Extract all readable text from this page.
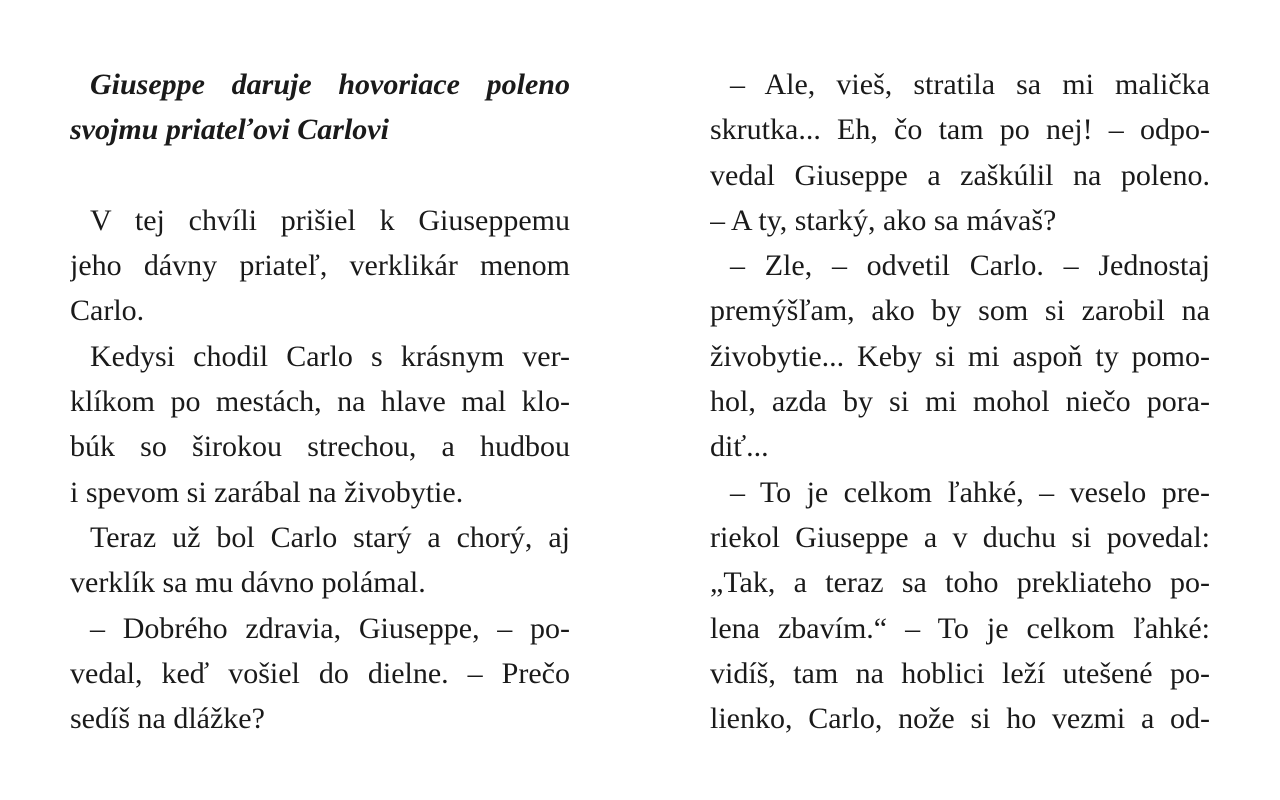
Giuseppe daruje hovoriace poleno
svojmu priateľovi Carlovi
V tej chvíli prišiel k Giuseppemu
jeho dávny priateľ, verklikár menom
Carlo.
Kedysi chodil Carlo s krásnym ver-
klíkom po mestách, na hlave mal klo-
búk so širokou strechou, a hudbou
i spevom si zarábal na živobytie.
Teraz už bol Carlo starý a chorý, aj
verklík sa mu dávno polámal.
– Dobrého zdravia, Giuseppe, – po-
vedal, keď vošiel do dielne. – Prečo
sedíš na dlážke?
– Ale, vieš, stratila sa mi malička
skrutka... Eh, čo tam po nej! – odpo-
vedal Giuseppe a zaškúlil na poleno.
– A ty, starký, ako sa mávaš?
– Zle, – odvetil Carlo. – Jednostaj
premýšľam, ako by som si zarobil na
živobytie... Keby si mi aspoň ty pomo-
hol, azda by si mi mohol niečo pora-
diť...
– To je celkom ľahké, – veselo pre-
riekol Giuseppe a v duchu si povedal:
„Tak, a teraz sa toho prekliateho po-
lena zbavím.“ – To je celkom ľahké:
vidíš, tam na hoblici leží utešené po-
lienko, Carlo, nože si ho vezmi a od-
